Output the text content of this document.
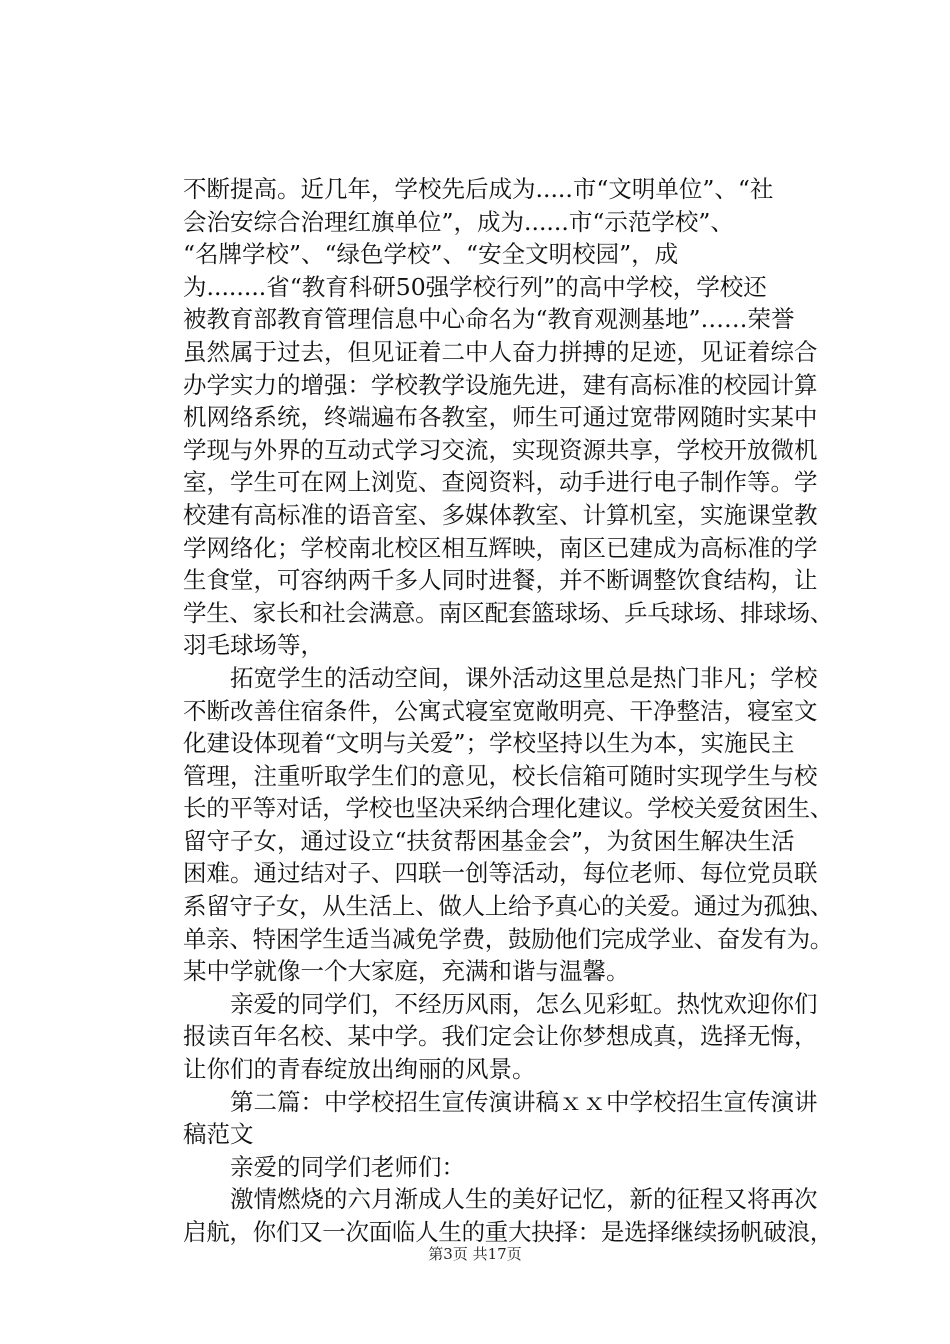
不断提高。近几年，学校先后成为.....市“文明单位”、“社
会治安综合治理红旗单位”，成为......市“示范学校”、
“名牌学校”、“绿色学校”、“安全文明校园”，成
为........省“教育科研50强学校行列”的高中学校，学校还
被教育部教育管理信息中心命名为“教育观测基地”……荣誉
虽然属于过去，但见证着二中人奋力拼搏的足迹，见证着综合
办学实力的增强：学校教学设施先进，建有高标准的校园计算
机网络系统，终端遍布各教室，师生可通过宽带网随时实某中
学现与外界的互动式学习交流，实现资源共享，学校开放微机
室，学生可在网上浏览、查阅资料，动手进行电子制作等。学
校建有高标准的语音室、多媒体教室、计算机室，实施课堂教
学网络化；学校南北校区相互辉映，南区已建成为高标准的学
生食堂，可容纳两千多人同时进餐，并不断调整饮食结构，让
学生、家长和社会满意。南区配套篮球场、乒乓球场、排球场、
羽毛球场等，
拓宽学生的活动空间，课外活动这里总是热门非凡；学校
不断改善住宿条件，公寓式寝室宽敞明亮、干净整洁，寝室文
化建设体现着“文明与关爱”；学校坚持以生为本，实施民主
管理，注重听取学生们的意见，校长信箱可随时实现学生与校
长的平等对话，学校也坚决采纳合理化建议。学校关爱贫困生、
留守子女，通过设立“扶贫帮困基金会”，为贫困生解决生活
困难。通过结对子、四联一创等活动，每位老师、每位党员联
系留守子女，从生活上、做人上给予真心的关爱。通过为孤独、
单亲、特困学生适当减免学费，鼓励他们完成学业、奋发有为。
某中学就像一个大家庭，充满和谐与温馨。
亲爱的同学们，不经历风雨，怎么见彩虹。热忱欢迎你们
报读百年名校、某中学。我们定会让你梦想成真，选择无悔，
让你们的青春绽放出绚丽的风景。
第二篇：中学校招生宣传演讲稿ｘｘ中学校招生宣传演讲
稿范文
亲爱的同学们老师们：
激情燃烧的六月渐成人生的美好记忆，新的征程又将再次
启航，你们又一次面临人生的重大抉择：是选择继续扬帆破浪，
第3页 共17页
